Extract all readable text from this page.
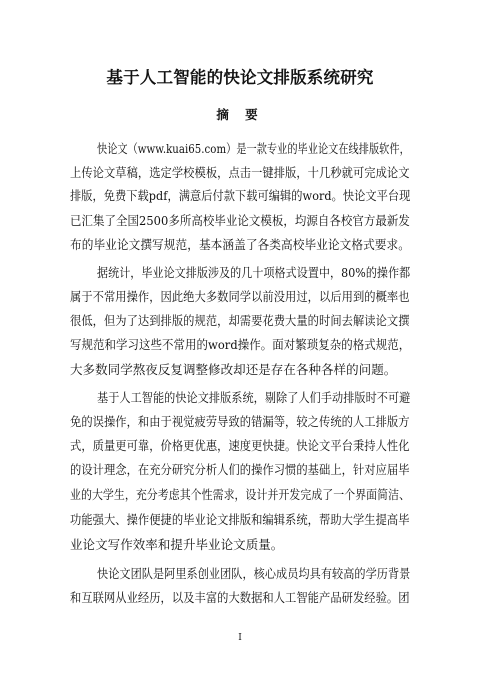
基于人工智能的快论文排版系统研究
摘 要
快论文（www.kuai65.com）是一款专业的毕业论文在线排版软件，
上传论文草稿，选定学校模板，点击一键排版，十几秒就可完成论文
排版，免费下载pdf，满意后付款下载可编辑的word。快论文平台现
已汇集了全国2500多所高校毕业论文模板，均源自各校官方最新发
布的毕业论文撰写规范，基本涵盖了各类高校毕业论文格式要求。
据统计，毕业论文排版涉及的几十项格式设置中，80%的操作都
属于不常用操作，因此绝大多数同学以前没用过，以后用到的概率也
很低，但为了达到排版的规范，却需要花费大量的时间去解读论文撰
写规范和学习这些不常用的word操作。面对繁琐复杂的格式规范，
大多数同学熬夜反复调整修改却还是存在各种各样的问题。
基于人工智能的快论文排版系统，剔除了人们手动排版时不可避
免的误操作，和由于视觉疲劳导致的错漏等，较之传统的人工排版方
式，质量更可靠，价格更优惠，速度更快捷。快论文平台秉持人性化
的设计理念，在充分研究分析人们的操作习惯的基础上，针对应届毕
业的大学生，充分考虑其个性需求，设计并开发完成了一个界面简洁、
功能强大、操作便捷的毕业论文排版和编辑系统，帮助大学生提高毕
业论文写作效率和提升毕业论文质量。
快论文团队是阿里系创业团队，核心成员均具有较高的学历背景
和互联网从业经历，以及丰富的大数据和人工智能产品研发经验。团
I
